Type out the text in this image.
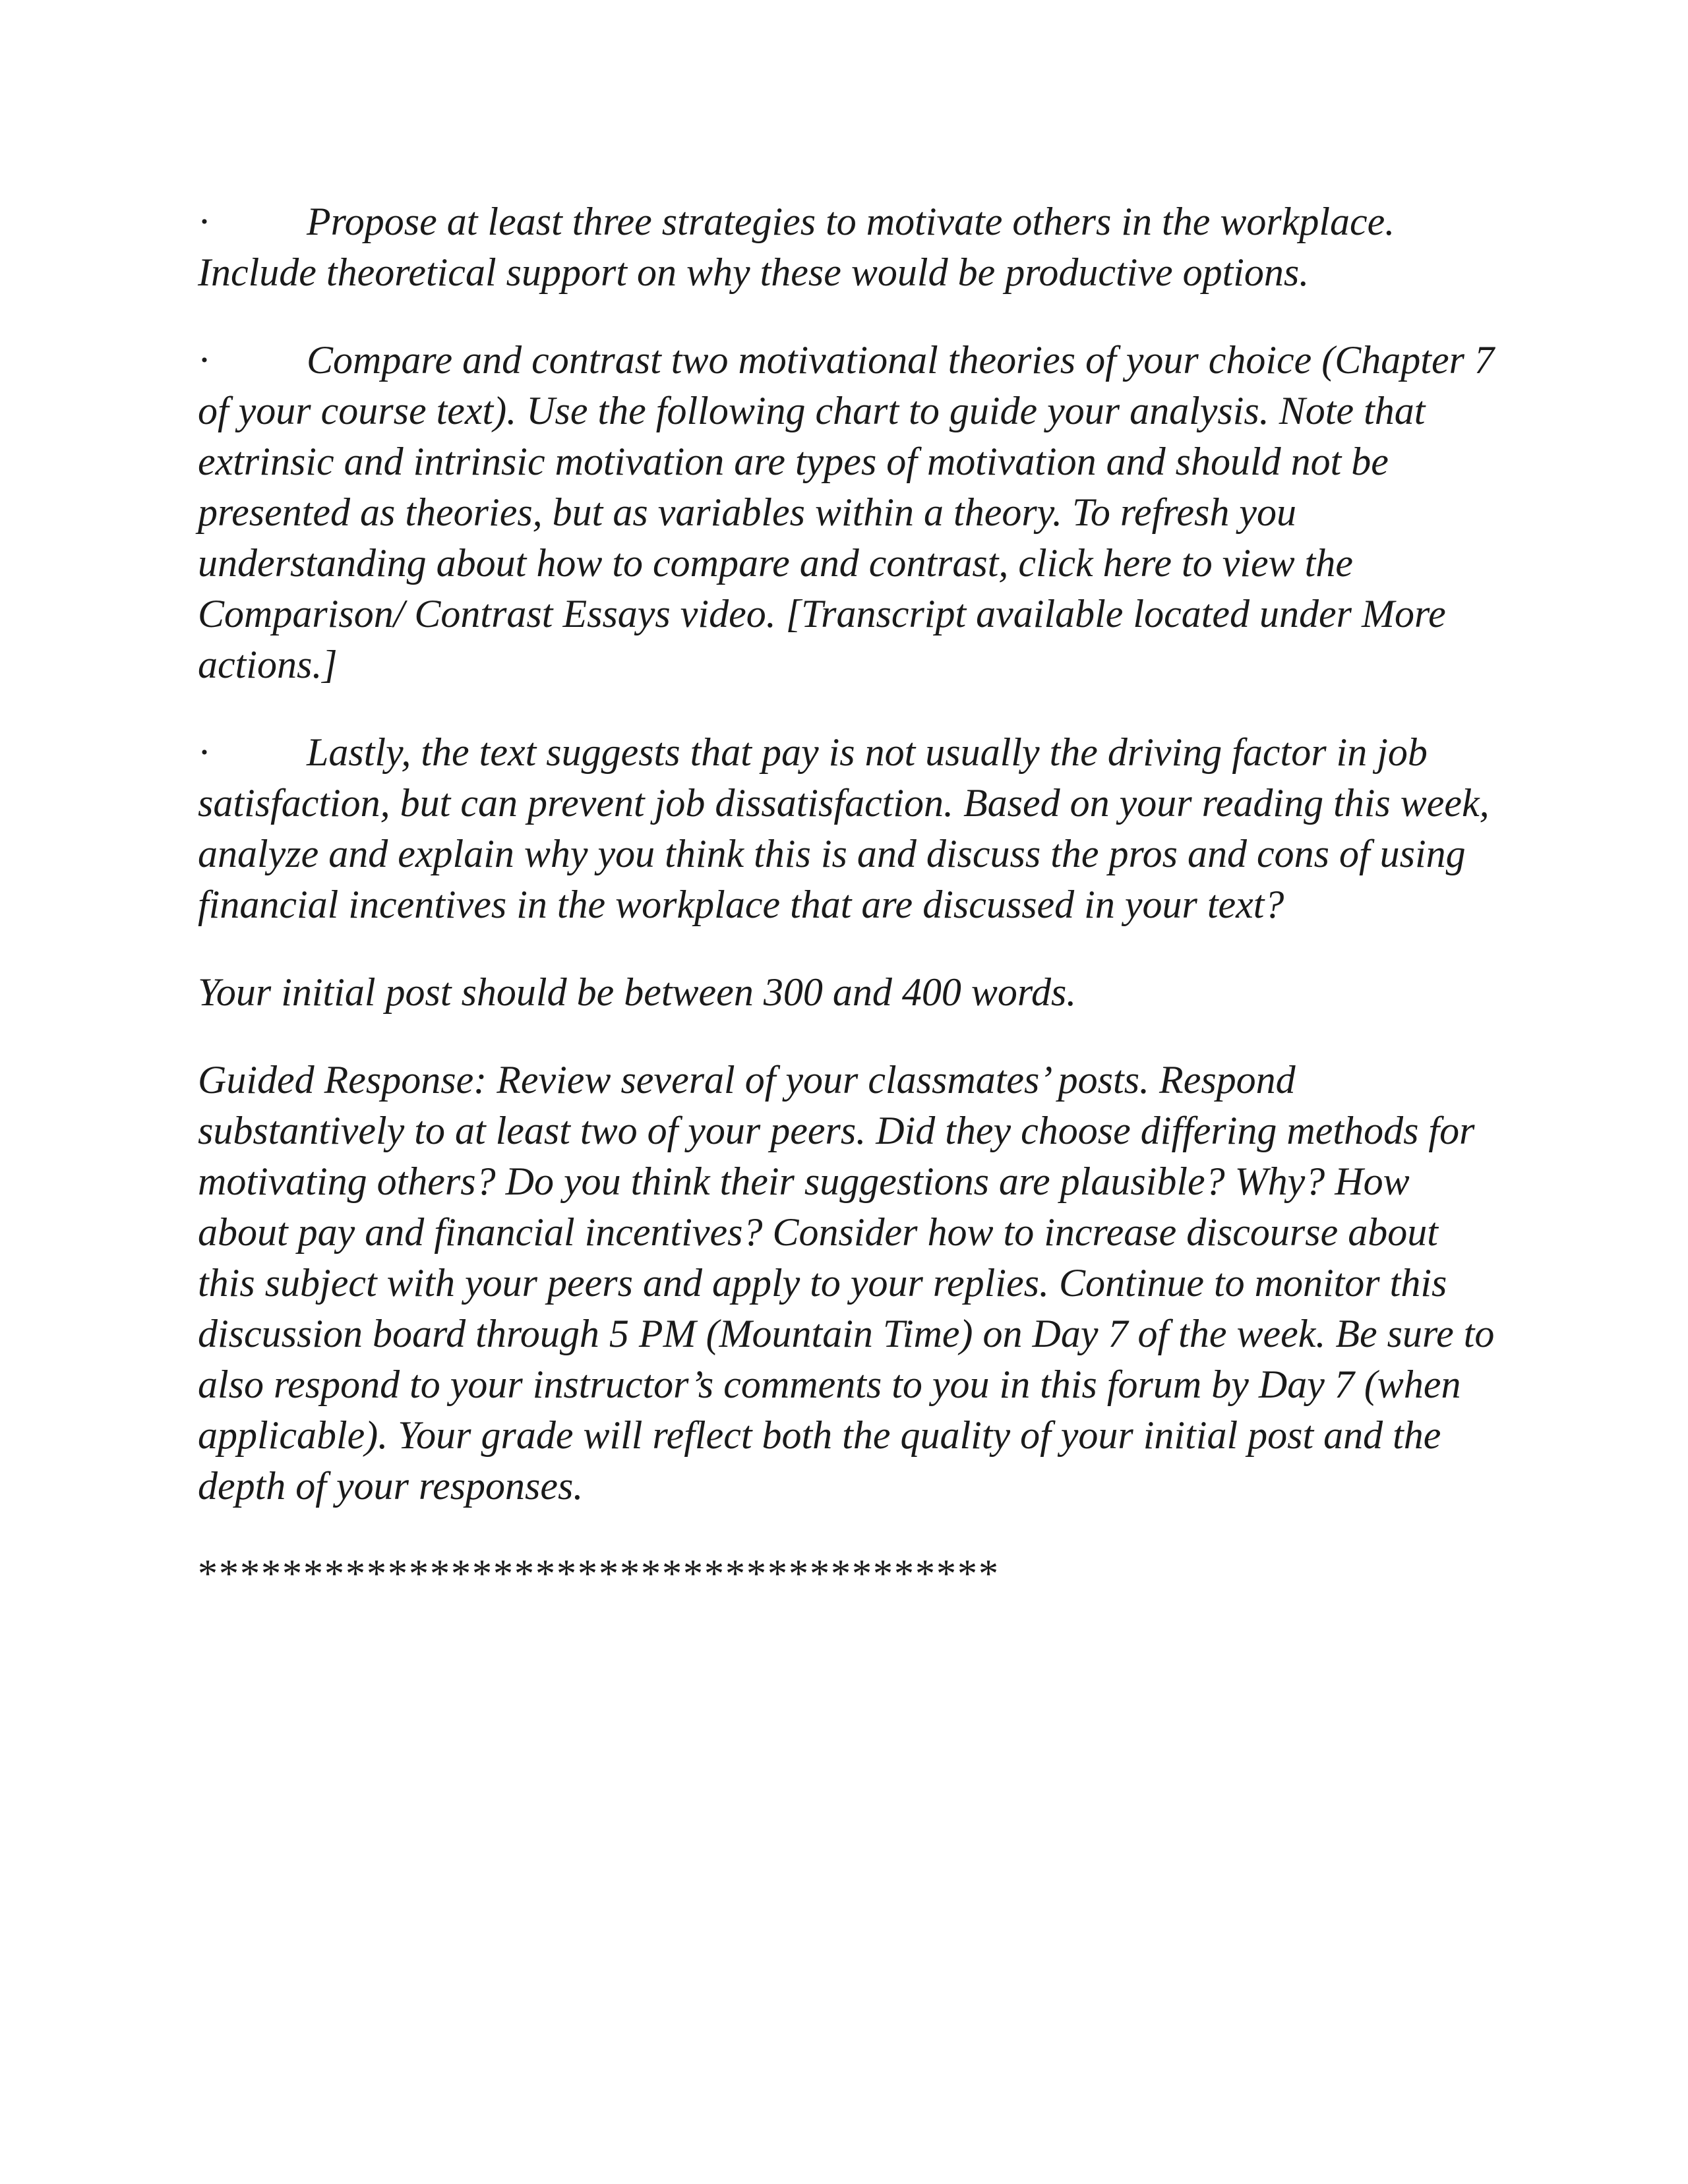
· Propose at least three strategies to motivate others in the workplace. Include theoretical support on why these would be productive options.

· Compare and contrast two motivational theories of your choice (Chapter 7 of your course text). Use the following chart to guide your analysis. Note that extrinsic and intrinsic motivation are types of motivation and should not be presented as theories, but as variables within a theory. To refresh you understanding about how to compare and contrast, click here to view the Comparison/ Contrast Essays video. [Transcript available located under More actions.]

· Lastly, the text suggests that pay is not usually the driving factor in job satisfaction, but can prevent job dissatisfaction. Based on your reading this week, analyze and explain why you think this is and discuss the pros and cons of using financial incentives in the workplace that are discussed in your text?

Your initial post should be between 300 and 400 words.

Guided Response: Review several of your classmates’ posts. Respond substantively to at least two of your peers. Did they choose differing methods for motivating others? Do you think their suggestions are plausible? Why? How about pay and financial incentives? Consider how to increase discourse about this subject with your peers and apply to your replies. Continue to monitor this discussion board through 5 PM (Mountain Time) on Day 7 of the week. Be sure to also respond to your instructor’s comments to you in this forum by Day 7 (when applicable). Your grade will reflect both the quality of your initial post and the depth of your responses.

**************************************
